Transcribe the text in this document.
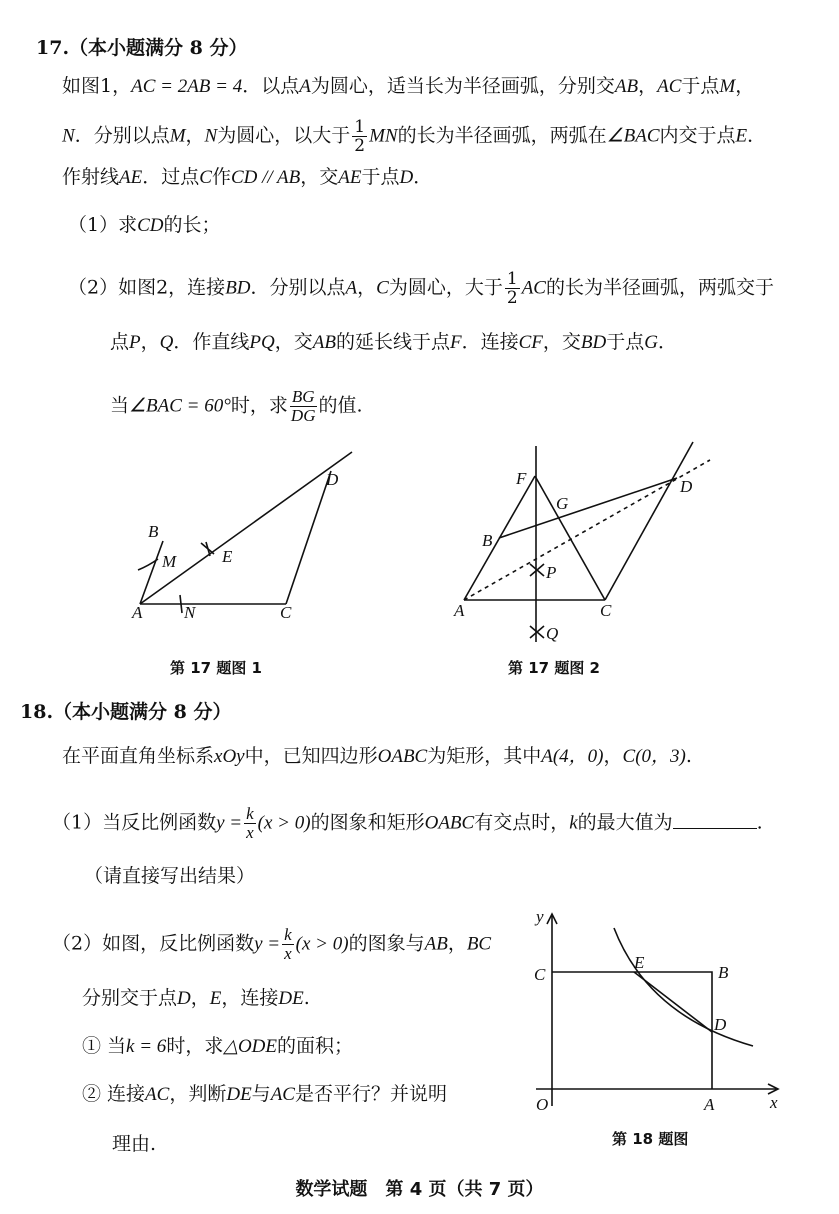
17.（本小题满分 8 分）
如图1，AC = 2AB = 4．以点A为圆心，适当长为半径画弧，分别交AB，AC于点M，
N．分别以点M，N为圆心，以大于 $\frac{1}{2}$ MN的长为半径画弧，两弧在∠BAC内交于点E．
作射线AE．过点C作CD // AB，交AE于点D．
（1）求CD的长；
（2）如图2，连接BD．分别以点A，C为圆心，大于 $\frac{1}{2}$ AC的长为半径画弧，两弧交于
点P，Q．作直线PQ，交AB的延长线于点F．连接CF，交BD于点G．
当∠BAC = 60°时，求 $\frac{BG}{DG}$ 的值.
B
M	E
A N	C
D
第 17 题图 1
F
G
B
D
P
A	C
Q
第 17 题图 2
18.（本小题满分 8 分）
在平面直角坐标系xOy中，已知四边形OABC为矩形，其中A(4，0)，C(0，3).
（1）当反比例函数$y = \frac{k}{x} (x > 0)$的图象和矩形OABC有交点时，k的最大值为	.
（请直接写出结果）
（2）如图，反比例函数$y = \frac{k}{x} (x > 0)$的图象与AB，BC
分别交于点D，E，连接DE.
① 当k = 6时，求△ODE的面积；
② 连接AC，判断DE与AC是否平行？并说明
理由.
y
x
C
E
B
D
O	A
第 18 题图
数学试题　第 4 页（共 7 页）
